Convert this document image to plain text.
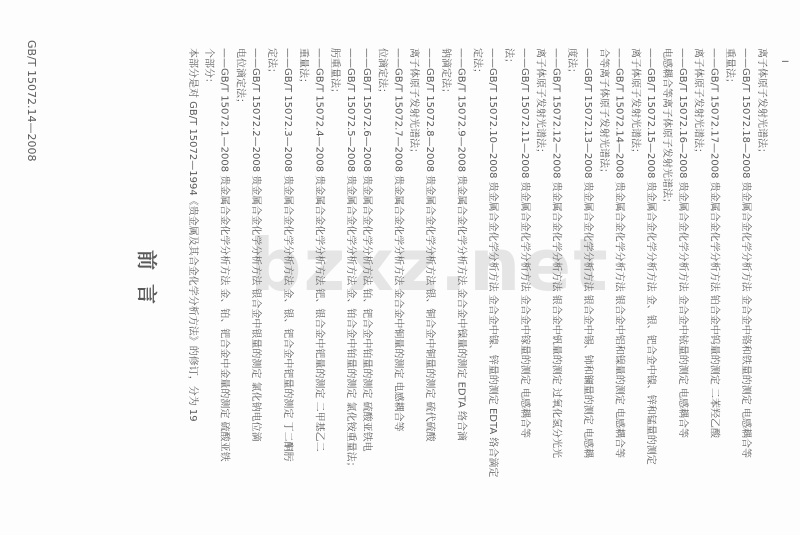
GB/T 15072.14—2008
前言	本部分是对 GB/T 15072—1994《贵金属及其合金化学分析方法》的修订，分为 19 个部分： ——GB/T 15072.1—2008 贵金属合金化学分析方法 金、铂、钯合金中金量的测定 硫酸亚铁 电位滴定法； ——GB/T 15072.2—2008 贵金属合金化学分析方法 银合金中银量的测定 氯化钠电位滴 定法； ——GB/T 15072.3—2008 贵金属合金化学分析方法 金、银、钯合金中钯量的测定 丁二酮肟 重量法； ——GB/T 15072.4—2008 贵金属合金化学分析方法 钯、银合金中钯量的测定 二甲基乙二 肟重量法； ——GB/T 15072.5—2008 贵金属合金化学分析方法 金、铂合金中铂量的测定 氯化铵重量法； ——GB/T 15072.6—2008 贵金属合金化学分析方法 铂、钯合金中铂量的测定 硫酸亚铁电 位滴定法； ——GB/T 15072.7—2008 贵金属合金化学分析方法 金合金中铜量的测定 电感耦合等 离子体原子发射光谱法； ——GB/T 15072.8—2008 贵金属合金化学分析方法 银、铜合金中铜量的测定 硫代硫酸 钠滴定法； ——GB/T 15072.9—2008 贵金属合金化学分析方法 金合金中镍量的测定 EDTA 络合滴 定法； ——GB/T 15072.10—2008 贵金属合金化学分析方法 金合金中镍、锌量的测定 EDTA 络合滴定 法； ——GB/T 15072.11—2008 贵金属合金化学分析方法 金合金中镓量的测定 电感耦合等 离子体原子发射光谱法； ——GB/T 15072.12—2008 贵金属合金化学分析方法 银合金中钒量的测定 过氧化氢分光光 度法； ——GB/T 15072.13—2008 贵金属合金化学分析方法 银合金中锡、铈和镧量的测定 电感耦 合等离子体原子发射光谱法； ——GB/T 15072.14—2008 贵金属合金化学分析方法 银合金中铝和镍量的测定 电感耦合等 离子体原子发射光谱法； ——GB/T 15072.15—2008 贵金属合金化学分析方法 金、银、钯合金中镍、锌和锰量的测定 电感耦合等离子体原子发射光谱法； ——GB/T 15072.16—2008 贵金属合金化学分析方法 金合金中铱量的测定 电感耦合等 离子体原子发射光谱法； ——GB/T 15072.17—2008 贵金属合金化学分析方法 铂合金中钨量的测定 二苯羟乙酸 重量法； ——GB/T 15072.18—2008 贵金属合金化学分析方法 金合金中铬和铁量的测定 电感耦合等 离子体原子发射光谱法； I
bzxz.net
